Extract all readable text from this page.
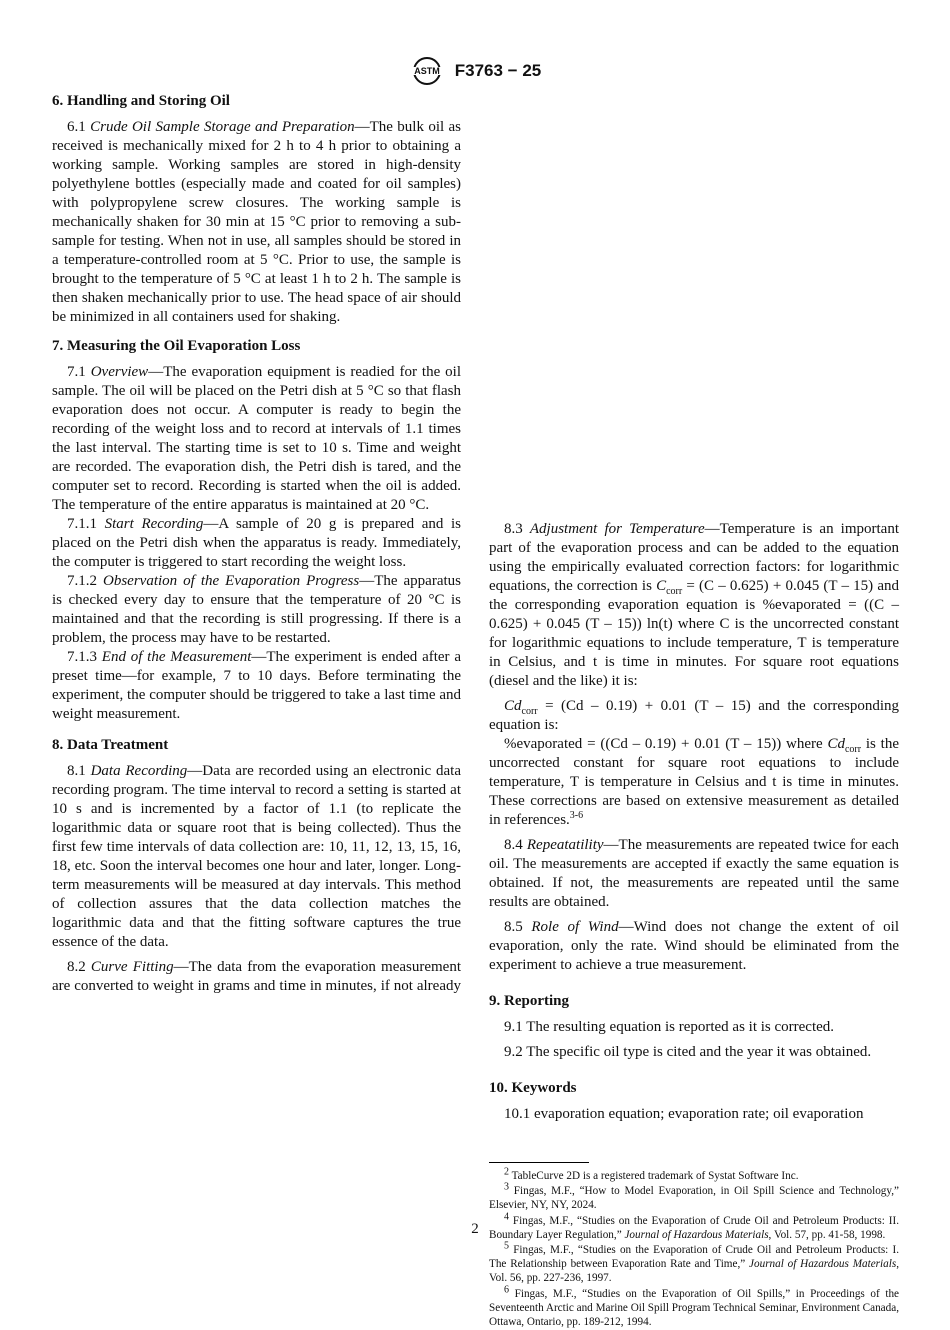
ASTM F3763 − 25
6. Handling and Storing Oil

6.1 Crude Oil Sample Storage and Preparation—The bulk oil as received is mechanically mixed for 2 h to 4 h prior to obtaining a working sample. Working samples are stored in high-density polyethylene bottles (especially made and coated for oil samples) with polypropylene screw closures. The working sample is mechanically shaken for 30 min at 15 °C prior to removing a sub-sample for testing. When not in use, all samples should be stored in a temperature-controlled room at 5 °C. Prior to use, the sample is brought to the temperature of 5 °C at least 1 h to 2 h. The sample is then shaken mechanically prior to use. The head space of air should be minimized in all containers used for shaking.

7. Measuring the Oil Evaporation Loss

7.1 Overview—The evaporation equipment is readied for the oil sample. The oil will be placed on the Petri dish at 5 °C so that flash evaporation does not occur. A computer is ready to begin the recording of the weight loss and to record at intervals of 1.1 times the last interval. The starting time is set to 10 s. Time and weight are recorded. The evaporation dish, the Petri dish is tared, and the computer set to record. Recording is started when the oil is added. The temperature of the entire apparatus is maintained at 20 °C.

7.1.1 Start Recording—A sample of 20 g is prepared and is placed on the Petri dish when the apparatus is ready. Immediately, the computer is triggered to start recording the weight loss.

7.1.2 Observation of the Evaporation Progress—The apparatus is checked every day to ensure that the temperature of 20 °C is maintained and that the recording is still progressing. If there is a problem, the process may have to be restarted.

7.1.3 End of the Measurement—The experiment is ended after a preset time—for example, 7 to 10 days. Before terminating the experiment, the computer should be triggered to take a last time and weight measurement.

8. Data Treatment

8.1 Data Recording—Data are recorded using an electronic data recording program. The time interval to record a setting is started at 10 s and is incremented by a factor of 1.1 (to replicate the logarithmic data or square root that is being collected). Thus the first few time intervals of data collection are: 10, 11, 12, 13, 15, 16, 18, etc. Soon the interval becomes one hour and later, longer. Long-term measurements will be measured at day intervals. This method of collection assures that the data collection matches the logarithmic data and that the fitting software captures the true essence of the data.

8.2 Curve Fitting—The data from the evaporation measurement are converted to weight in grams and time in minutes, if not already

8.3 Adjustment for Temperature—Temperature is an important part of the evaporation process and can be added to the equation using the empirically evaluated correction factors: for logarithmic equations, the correction is $C_{corr} = (C - 0.625) + 0.045$ (T – 15) and the corresponding evaporation equation is %evaporated = ((C – 0.625) + 0.045 (T – 15)) ln(t) where C is the uncorrected constant for logarithmic equations to include temperature, T is temperature in Celsius, and t is time in minutes. For square root equations (diesel and the like) it is:

$Cd_{corr} = (Cd - 0.19) + 0.01$ (T – 15) and the corresponding equation is:

%evaporated = ((Cd – 0.19) + 0.01 (T – 15)) where $Cd_{corr}$ is the uncorrected constant for square root equations to include temperature, T is temperature in Celsius and t is time in minutes. These corrections are based on extensive measurement as detailed in references.$^{3-6}$

8.4 Repeatatility—The measurements are repeated twice for each oil. The measurements are accepted if exactly the same equation is obtained. If not, the measurements are repeated until the same results are obtained.

8.5 Role of Wind—Wind does not change the extent of oil evaporation, only the rate. Wind should be eliminated from the experiment to achieve a true measurement.

9. Reporting

9.1 The resulting equation is reported as it is corrected.

9.2 The specific oil type is cited and the year it was obtained.

10. Keywords

10.1 evaporation equation; evaporation rate; oil evaporation

$^2$ TableCurve 2D is a registered trademark of Systat Software Inc.

$^3$ Fingas, M.F., “How to Model Evaporation, in Oil Spill Science and Technology,” Elsevier, NY, NY, 2024.

$^4$ Fingas, M.F., “Studies on the Evaporation of Crude Oil and Petroleum Products: II. Boundary Layer Regulation,” Journal of Hazardous Materials, Vol. 57, pp. 41-58, 1998.

$^5$ Fingas, M.F., “Studies on the Evaporation of Crude Oil and Petroleum Products: I. The Relationship between Evaporation Rate and Time,” Journal of Hazardous Materials, Vol. 56, pp. 227-236, 1997.

$^6$ Fingas, M.F., “Studies on the Evaporation of Oil Spills,” in Proceedings of the Seventeenth Arctic and Marine Oil Spill Program Technical Seminar, Environment Canada, Ottawa, Ontario, pp. 189-212, 1994.

2
